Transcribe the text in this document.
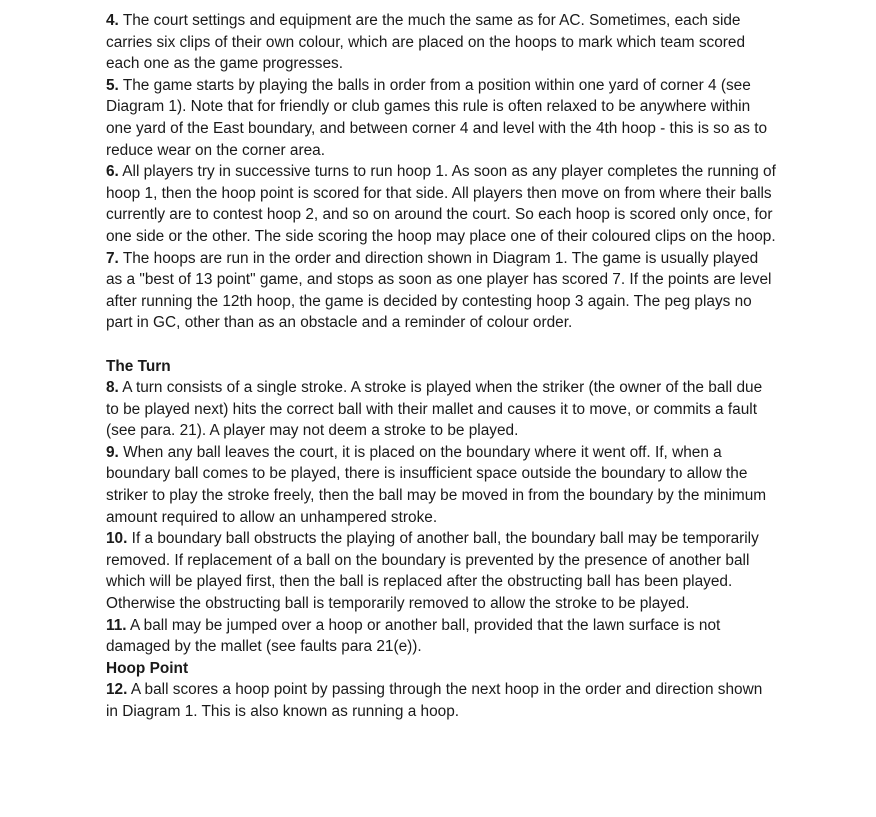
4. The court settings and equipment are the much the same as for AC. Sometimes, each side carries six clips of their own colour, which are placed on the hoops to mark which team scored each one as the game progresses.

5. The game starts by playing the balls in order from a position within one yard of corner 4 (see Diagram 1). Note that for friendly or club games this rule is often relaxed to be anywhere within one yard of the East boundary, and between corner 4 and level with the 4th hoop - this is so as to reduce wear on the corner area.

6. All players try in successive turns to run hoop 1. As soon as any player completes the running of hoop 1, then the hoop point is scored for that side. All players then move on from where their balls currently are to contest hoop 2, and so on around the court. So each hoop is scored only once, for one side or the other. The side scoring the hoop may place one of their coloured clips on the hoop.

7. The hoops are run in the order and direction shown in Diagram 1. The game is usually played as a "best of 13 point" game, and stops as soon as one player has scored 7. If the points are level after running the 12th hoop, the game is decided by contesting hoop 3 again. The peg plays no part in GC, other than as an obstacle and a reminder of colour order.

The Turn

8. A turn consists of a single stroke. A stroke is played when the striker (the owner of the ball due to be played next) hits the correct ball with their mallet and causes it to move, or commits a fault (see para. 21). A player may not deem a stroke to be played.

9. When any ball leaves the court, it is placed on the boundary where it went off. If, when a boundary ball comes to be played, there is insufficient space outside the boundary to allow the striker to play the stroke freely, then the ball may be moved in from the boundary by the minimum amount required to allow an unhampered stroke.

10. If a boundary ball obstructs the playing of another ball, the boundary ball may be temporarily removed. If replacement of a ball on the boundary is prevented by the presence of another ball which will be played first, then the ball is replaced after the obstructing ball has been played. Otherwise the obstructing ball is temporarily removed to allow the stroke to be played.

11. A ball may be jumped over a hoop or another ball, provided that the lawn surface is not damaged by the mallet (see faults para 21(e)).

Hoop Point

12. A ball scores a hoop point by passing through the next hoop in the order and direction shown in Diagram 1. This is also known as running a hoop.
